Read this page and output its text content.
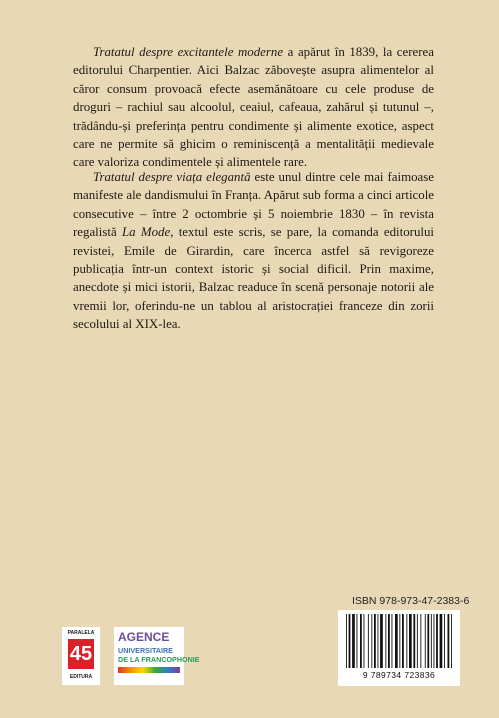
Tratatul despre excitantele moderne a apărut în 1839, la cererea editorului Charpentier. Aici Balzac zăbovește asupra alimentelor al căror consum provoacă efecte asemănătoare cu cele produse de droguri – rachiul sau alcoolul, ceaiul, cafeaua, zahărul și tutunul –, trădându-și preferința pentru condimente și alimente exotice, aspect care ne permite să ghicim o reminiscență a mentalității medievale care valoriza condimentele și alimentele rare.

Tratatul despre viața elegantă este unul dintre cele mai faimoase manifeste ale dandismului în Franța. Apărut sub forma a cinci articole consecutive – între 2 octombrie și 5 noiembrie 1830 – în revista regalistă La Mode, textul este scris, se pare, la comanda editorului revistei, Emile de Girardin, care încerca astfel să revigoreze publicația într-un context istoric și social dificil. Prin maxime, anecdote și mici istorii, Balzac readuce în scenă personaje notorii ale vremii lor, oferindu-ne un tablou al aristocrației franceze din zorii secolului al XIX-lea.

ISBN 978-973-47-2383-6
9 789734 723836
PARALELA
45
EDITURA
AGENCE
UNIVERSITAIRE
DE LA FRANCOPHONIE
